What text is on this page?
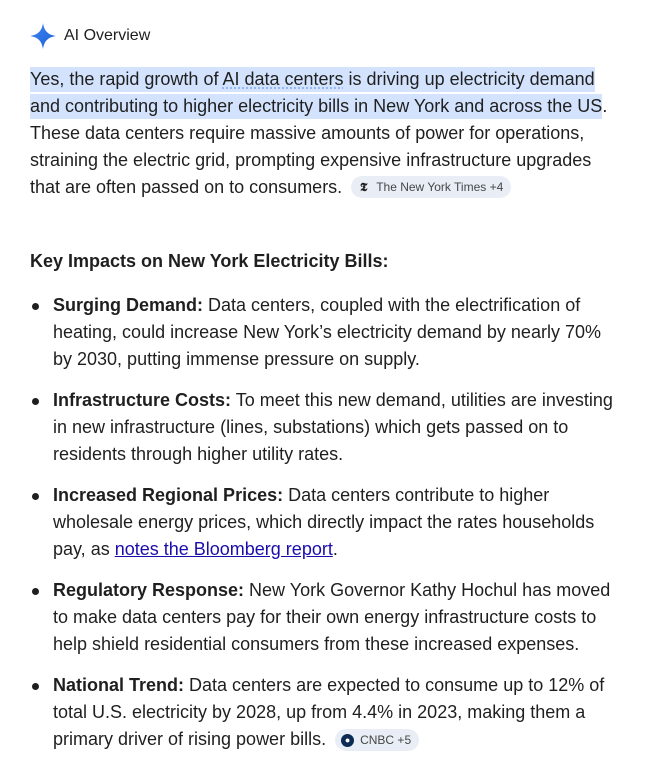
AI Overview

Yes, the rapid growth of AI data centers is driving up electricity demand and contributing to higher electricity bills in New York and across the US. These data centers require massive amounts of power for operations, straining the electric grid, prompting expensive infrastructure upgrades that are often passed on to consumers. 𝕿 The New York Times +4

Key Impacts on New York Electricity Bills:
Surging Demand: Data centers, coupled with the electrification of heating, could increase New York’s electricity demand by nearly 70% by 2030, putting immense pressure on supply.
Infrastructure Costs: To meet this new demand, utilities are investing in new infrastructure (lines, substations) which gets passed on to residents through higher utility rates.
Increased Regional Prices: Data centers contribute to higher wholesale energy prices, which directly impact the rates households pay, as notes the Bloomberg report.
Regulatory Response: New York Governor Kathy Hochul has moved to make data centers pay for their own energy infrastructure costs to help shield residential consumers from these increased expenses.
National Trend: Data centers are expected to consume up to 12% of total U.S. electricity by 2028, up from 4.4% in 2023, making them a primary driver of rising power bills.	● CNBC +5
